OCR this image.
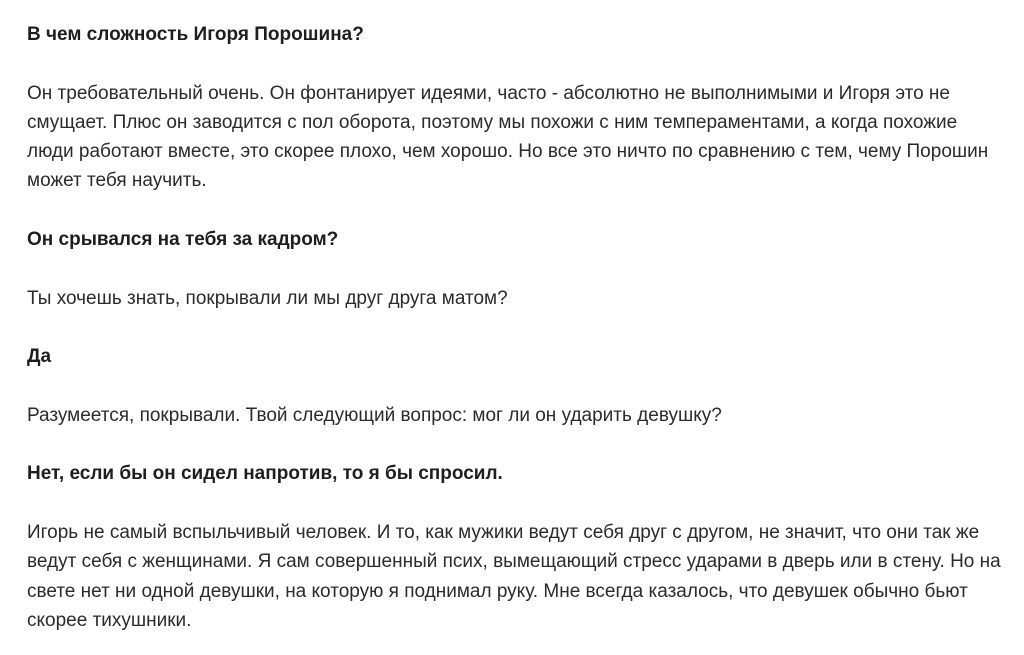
В чем сложность Игоря Порошина?

Он требовательный очень. Он фонтанирует идеями, часто - абсолютно не выполнимыми и Игоря это не смущает. Плюс он заводится с пол оборота, поэтому мы похожи с ним темпераментами, а когда похожие люди работают вместе, это скорее плохо, чем хорошо. Но все это ничто по сравнению с тем, чему Порошин может тебя научить.

Он срывался на тебя за кадром?

Ты хочешь знать, покрывали ли мы друг друга матом?

Да

Разумеется, покрывали. Твой следующий вопрос: мог ли он ударить девушку?

Нет, если бы он сидел напротив, то я бы спросил.

Игорь не самый вспыльчивый человек. И то, как мужики ведут себя друг с другом, не значит, что они так же ведут себя с женщинами. Я сам совершенный псих, вымещающий стресс ударами в дверь или в стену. Но на свете нет ни одной девушки, на которую я поднимал руку. Мне всегда казалось, что девушек обычно бьют скорее тихушники.
